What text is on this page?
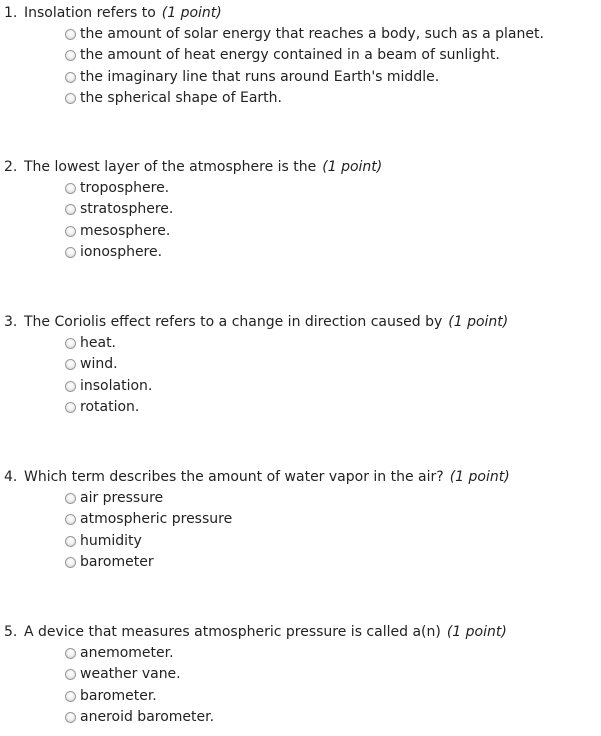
1. Insolation refers to (1 point)
the amount of solar energy that reaches a body, such as a planet.
the amount of heat energy contained in a beam of sunlight.
the imaginary line that runs around Earth's middle.
the spherical shape of Earth.
2. The lowest layer of the atmosphere is the (1 point)
troposphere.
stratosphere.
mesosphere.
ionosphere.
3. The Coriolis effect refers to a change in direction caused by (1 point)
heat.
wind.
insolation.
rotation.
4. Which term describes the amount of water vapor in the air? (1 point)
air pressure
atmospheric pressure
humidity
barometer
5. A device that measures atmospheric pressure is called a(n) (1 point)
anemometer.
weather vane.
barometer.
aneroid barometer.
